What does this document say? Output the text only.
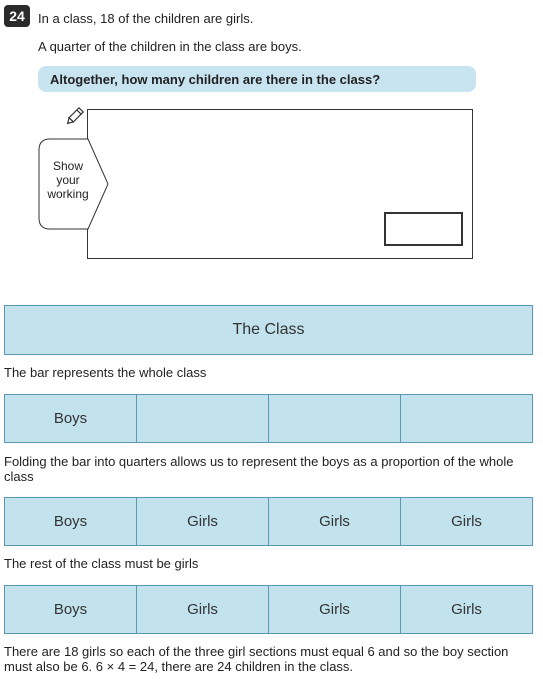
24	In a class, 18 of the children are girls.
A quarter of the children in the class are boys.
Altogether, how many children are there in the class?
Show
your
working
The Class
The bar represents the whole class
Boys
Folding the bar into quarters allows us to represent the boys as a proportion of the whole
class
Boys	Girls	Girls	Girls
The rest of the class must be girls
Boys	Girls	Girls	Girls
There are 18 girls so each of the three girl sections must equal 6 and so the boy section
must also be 6. 6 × 4 = 24, there are 24 children in the class.
